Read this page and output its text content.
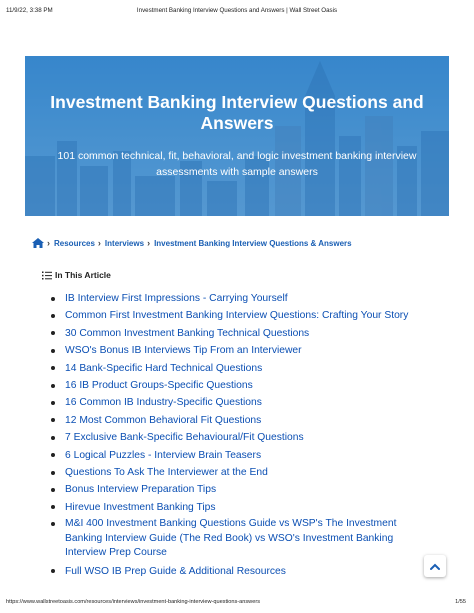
11/9/22, 3:38 PM	Investment Banking Interview Questions and Answers | Wall Street Oasis
Investment Banking Interview Questions and Answers
101 common technical, fit, behavioral, and logic investment banking interview assessments with sample answers
› Resources › Interviews › Investment Banking Interview Questions & Answers
In This Article
IB Interview First Impressions - Carrying Yourself
Common First Investment Banking Interview Questions: Crafting Your Story
30 Common Investment Banking Technical Questions
WSO's Bonus IB Interviews Tip From an Interviewer
14 Bank-Specific Hard Technical Questions
16 IB Product Groups-Specific Questions
16 Common IB Industry-Specific Questions
12 Most Common Behavioral Fit Questions
7 Exclusive Bank-Specific Behavioural/Fit Questions
6 Logical Puzzles - Interview Brain Teasers
Questions To Ask The Interviewer at the End
Bonus Interview Preparation Tips
Hirevue Investment Banking Tips
M&I 400 Investment Banking Questions Guide vs WSP's The Investment Banking Interview Guide (The Red Book) vs WSO's Investment Banking Interview Prep Course
Full WSO IB Prep Guide & Additional Resources
https://www.wallstreetoasis.com/resources/interviews/investment-banking-interview-questions-answers	1/55
